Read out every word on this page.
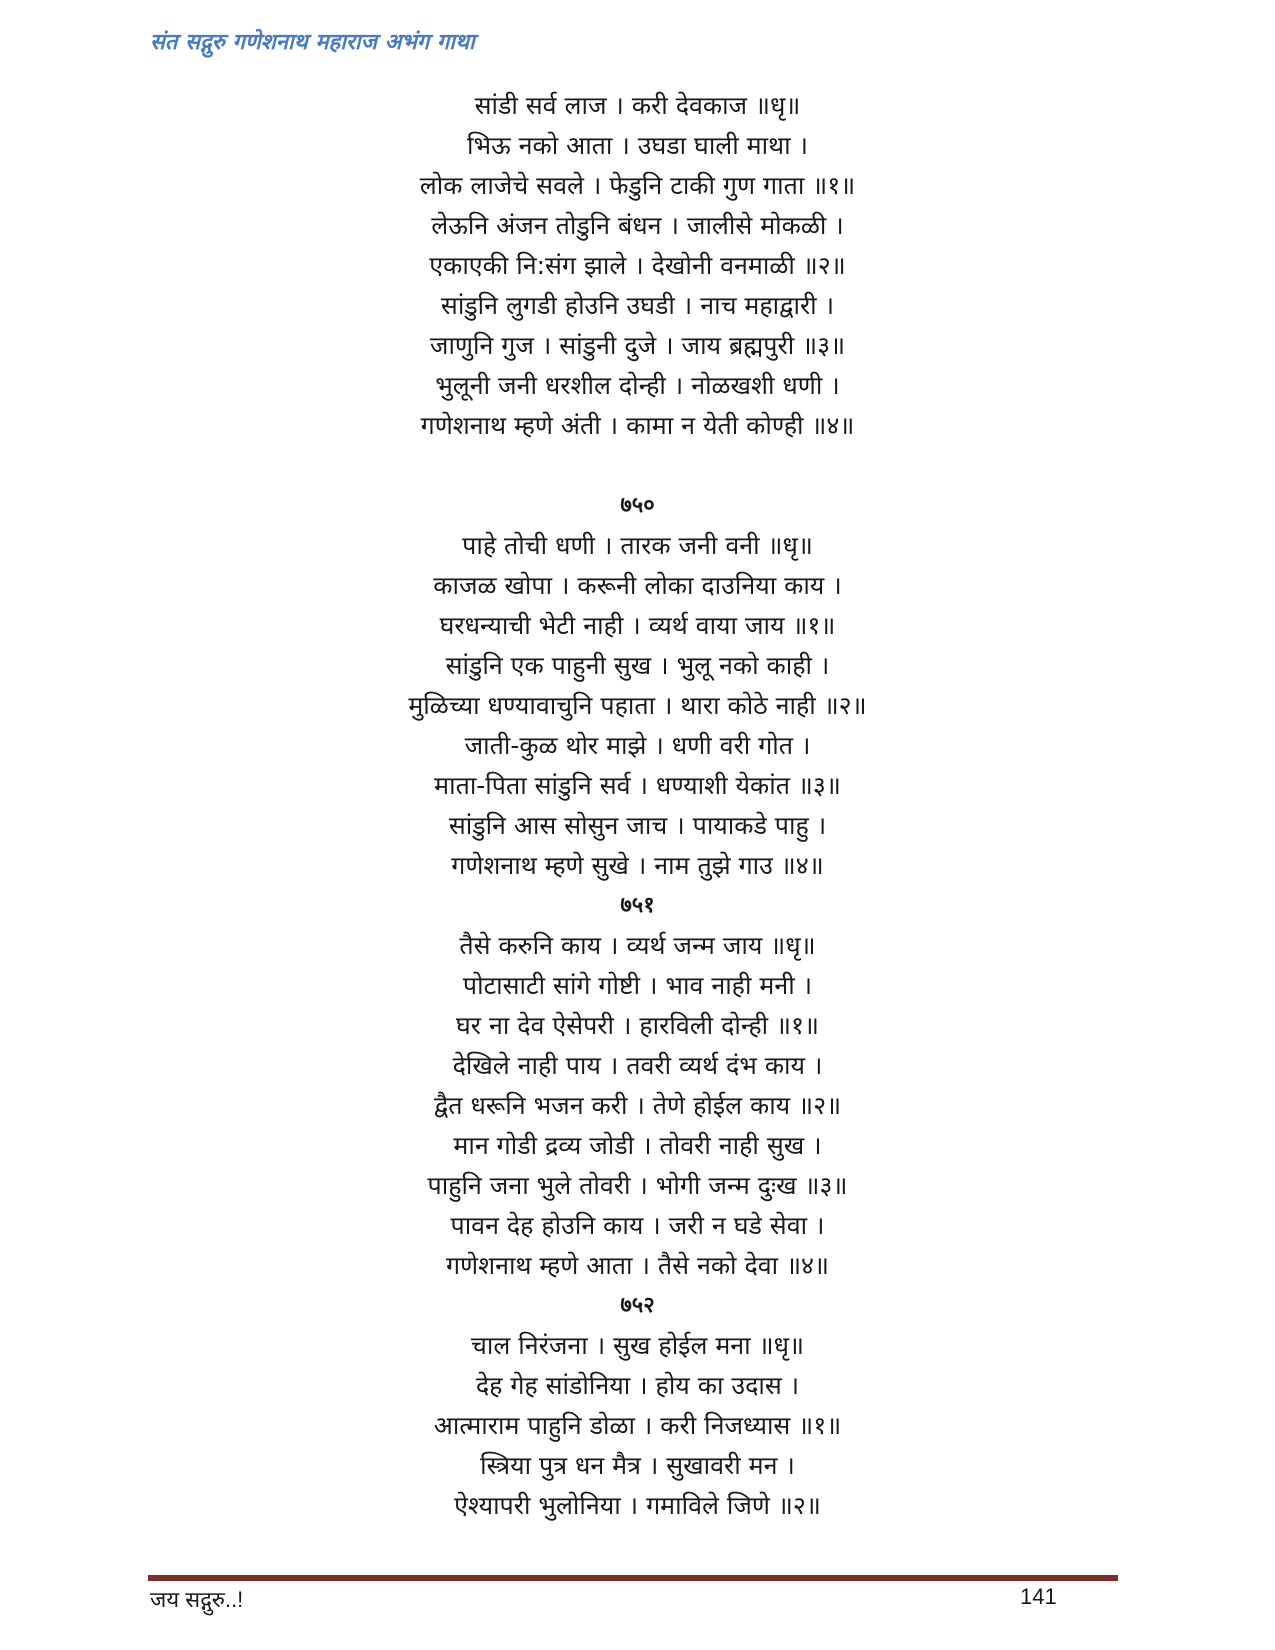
संत सद्गुरु गणेशनाथ महाराज अभंग गाथा
सांडी सर्व लाज । करी देवकाज ॥धृ॥
भिऊ नको आता । उघडा घाली माथा ।
लोक लाजेचे सवले । फेडुनि टाकी गुण गाता ॥१॥
लेऊनि अंजन तोडुनि बंधन । जालीसे मोकळी ।
एकाएकी नि:संग झाले । देखोनी वनमाळी ॥२॥
सांडुनि लुगडी होउनि उघडी । नाच महाद्वारी ।
जाणुनि गुज । सांडुनी दुजे । जाय ब्रह्मपुरी ॥३॥
भुलूनी जनी धरशील दोन्ही । नोळखशी धणी ।
गणेशनाथ म्हणे अंती । कामा न येती कोण्ही ॥४॥
७५०
पाहे तोची धणी । तारक जनी वनी ॥धृ॥
काजळ खोपा । करूनी लोका दाउनिया काय ।
घरधन्याची भेटी नाही । व्यर्थ वाया जाय ॥१॥
सांडुनि एक पाहुनी सुख । भुलू नको काही ।
मुळिच्या धण्यावाचुनि पहाता । थारा कोठे नाही ॥२॥
जाती-कुळ थोर माझे । धणी वरी गोत ।
माता-पिता सांडुनि सर्व । धण्याशी येकांत ॥३॥
सांडुनि आस सोसुन जाच । पायाकडे पाहु ।
गणेशनाथ म्हणे सुखे । नाम तुझे गाउ ॥४॥
७५१
तैसे करुनि काय । व्यर्थ जन्म जाय ॥धृ॥
पोटासाटी सांगे गोष्टी । भाव नाही मनी ।
घर ना देव ऐसेपरी । हारविली दोन्ही ॥१॥
देखिले नाही पाय । तवरी व्यर्थ दंभ काय ।
द्वैत धरूनि भजन करी । तेणे होईल काय ॥२॥
मान गोडी द्रव्य जोडी । तोवरी नाही सुख ।
पाहुनि जना भुले तोवरी । भोगी जन्म दुःख ॥३॥
पावन देह होउनि काय । जरी न घडे सेवा ।
गणेशनाथ म्हणे आता । तैसे नको देवा ॥४॥
७५२
चाल निरंजना । सुख होईल मना ॥धृ॥
देह गेह सांडोनिया । होय का उदास ।
आत्माराम पाहुनि डोळा । करी निजध्यास ॥१॥
स्त्रिया पुत्र धन मैत्र । सुखावरी मन ।
ऐश्यापरी भुलोनिया । गमाविले जिणे ॥२॥
जय सद्गुरु..!	141
